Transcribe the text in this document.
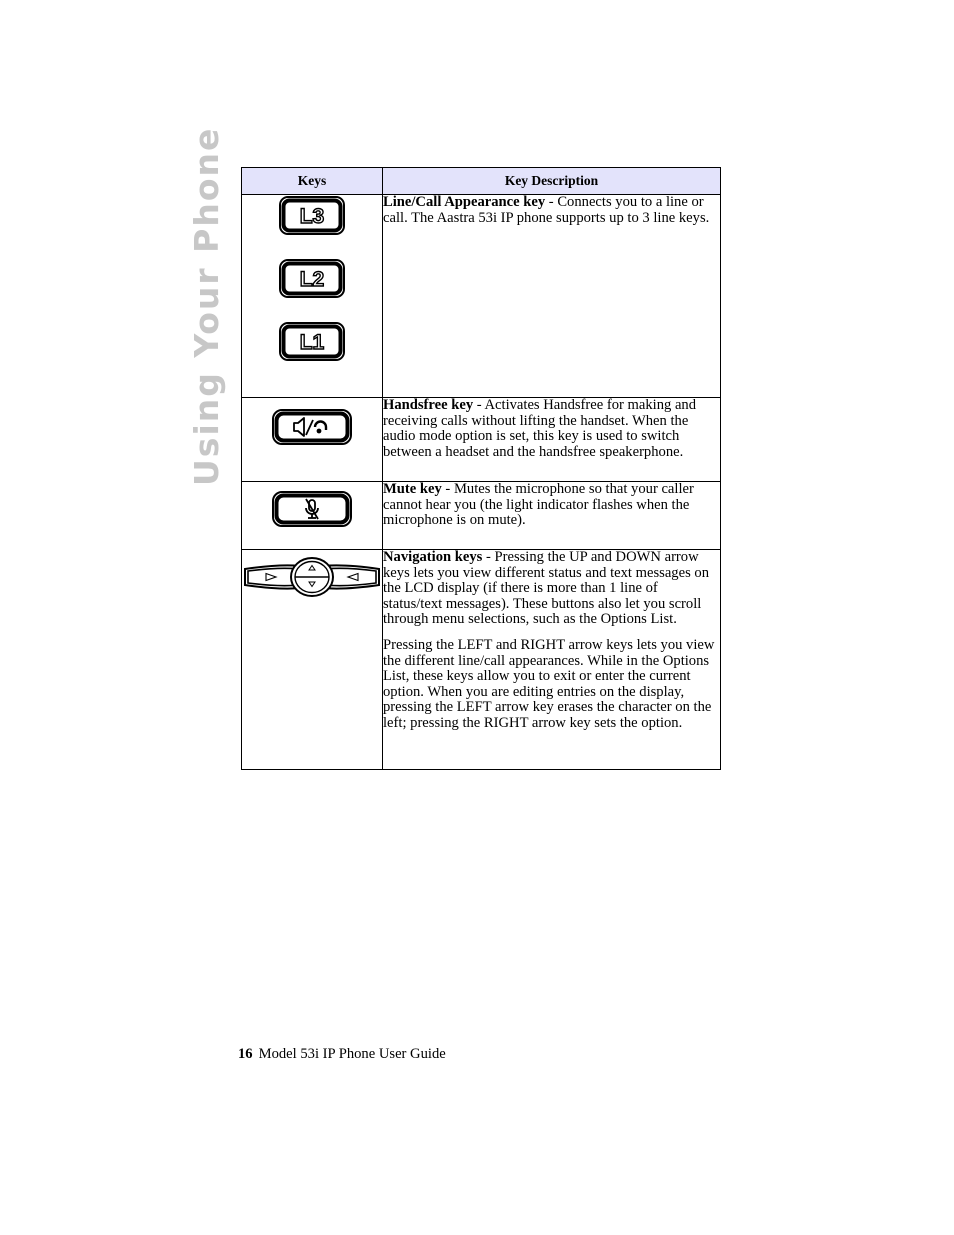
Using Your Phone	Keys	Key Description

L3
L2
L1	Line/Call Appearance key - Connects you to a line or call. The Aastra 53i IP phone supports up to 3 line keys.

Handsfree key - Activates Handsfree for making and receiving calls without lifting the handset. When the audio mode option is set, this key is used to switch between a headset and the handsfree speakerphone.

Mute key - Mutes the microphone so that your caller cannot hear you (the light indicator flashes when the microphone is on mute).

Navigation keys - Pressing the UP and DOWN arrow keys lets you view different status and text messages on the LCD display (if there is more than 1 line of status/text messages). These buttons also let you scroll through menu selections, such as the Options List.

Pressing the LEFT and RIGHT arrow keys lets you view the different line/call appearances. While in the Options List, these keys allow you to exit or enter the current option. When you are editing entries on the display, pressing the LEFT arrow key erases the character on the left; pressing the RIGHT arrow key sets the option.

16 Model 53i IP Phone User Guide
